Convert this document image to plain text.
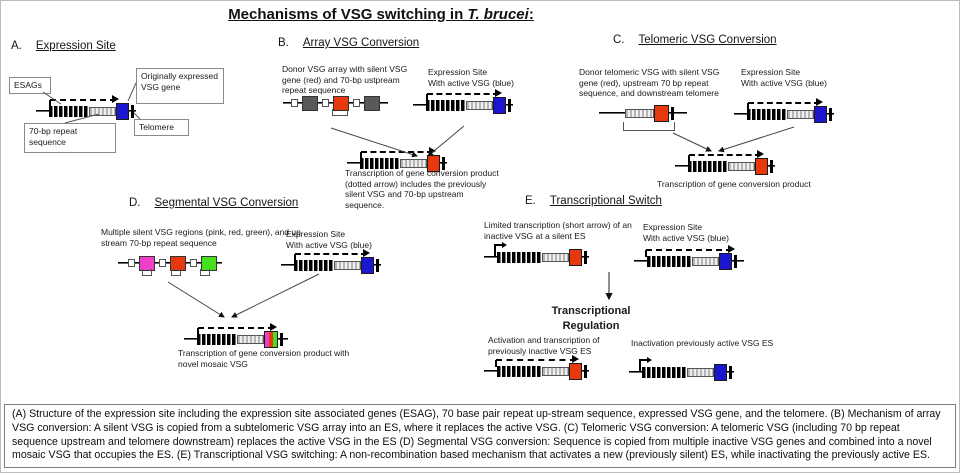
Mechanisms of VSG switching in T. brucei:
A. Expression Site	B. Array VSG Conversion	C. Telomeric VSG Conversion
D. Segmental VSG Conversion	E. Transcriptional Switch
ESAGs
Originally expressed VSG gene
70-bp repeat sequence
Telomere
Donor VSG array with silent VSG gene (red) and 70-bp ustpream repeat sequence
Expression Site
With active VSG (blue)
Transcription of gene conversion product (dotted arrow) includes the previously silent VSG and 70-bp upstream sequence.
Donor telomeric VSG with silent VSG gene (red), upstream 70 bp repeat sequence, and downstream telomere
Expression Site
With active VSG (blue)
Transcription of gene conversion product
Multiple silent VSG regions (pink, red, green), and up stream 70-bp repeat sequence
Expression Site
With active VSG (blue)
Transcription of gene conversion product with novel mosaic VSG
Limited transcription (short arrow) of an inactive VSG at a silent ES
Expression Site
With active VSG (blue)
Transcriptional
Regulation
Activation and transcription of previously inactive VSG ES
Inactivation previously active VSG ES
(A) Structure of the expression site including the expression site associated genes (ESAG), 70 base pair repeat up-stream sequence, expressed VSG gene, and the telomere. (B) Mechanism of array VSG conversion: A silent VSG is copied from a subtelomeric VSG array into an ES, where it replaces the active VSG. (C) Telomeric VSG conversion: A telomeric VSG (including 70 bp repeat sequence upstream and telomere downstream) replaces the active VSG in the ES (D) Segmental VSG conversion: Sequence is copied from multiple inactive VSG genes and combined into a novel mosaic VSG that occupies the ES. (E) Transcriptional VSG switching: A non-recombination based mechanism that activates a new (previously silent) ES, while inactivating the previously active ES.
